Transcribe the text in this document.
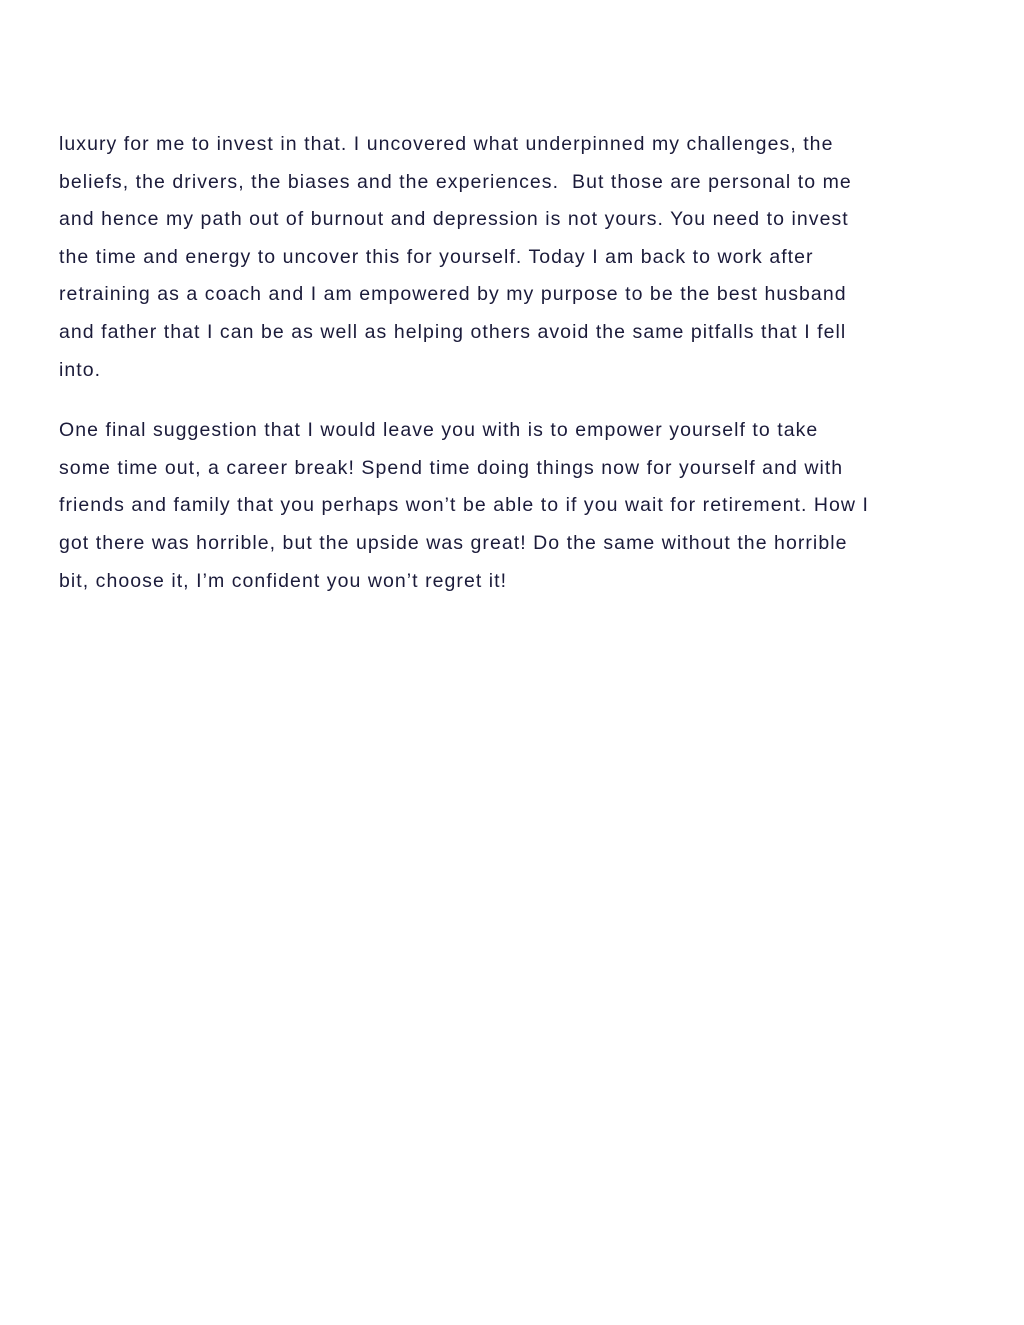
luxury for me to invest in that. I uncovered what underpinned my challenges, the
beliefs, the drivers, the biases and the experiences.  But those are personal to me
and hence my path out of burnout and depression is not yours. You need to invest
the time and energy to uncover this for yourself. Today I am back to work after
retraining as a coach and I am empowered by my purpose to be the best husband
and father that I can be as well as helping others avoid the same pitfalls that I fell
into.

One final suggestion that I would leave you with is to empower yourself to take
some time out, a career break! Spend time doing things now for yourself and with
friends and family that you perhaps won’t be able to if you wait for retirement. How I
got there was horrible, but the upside was great! Do the same without the horrible
bit, choose it, I’m confident you won’t regret it!
